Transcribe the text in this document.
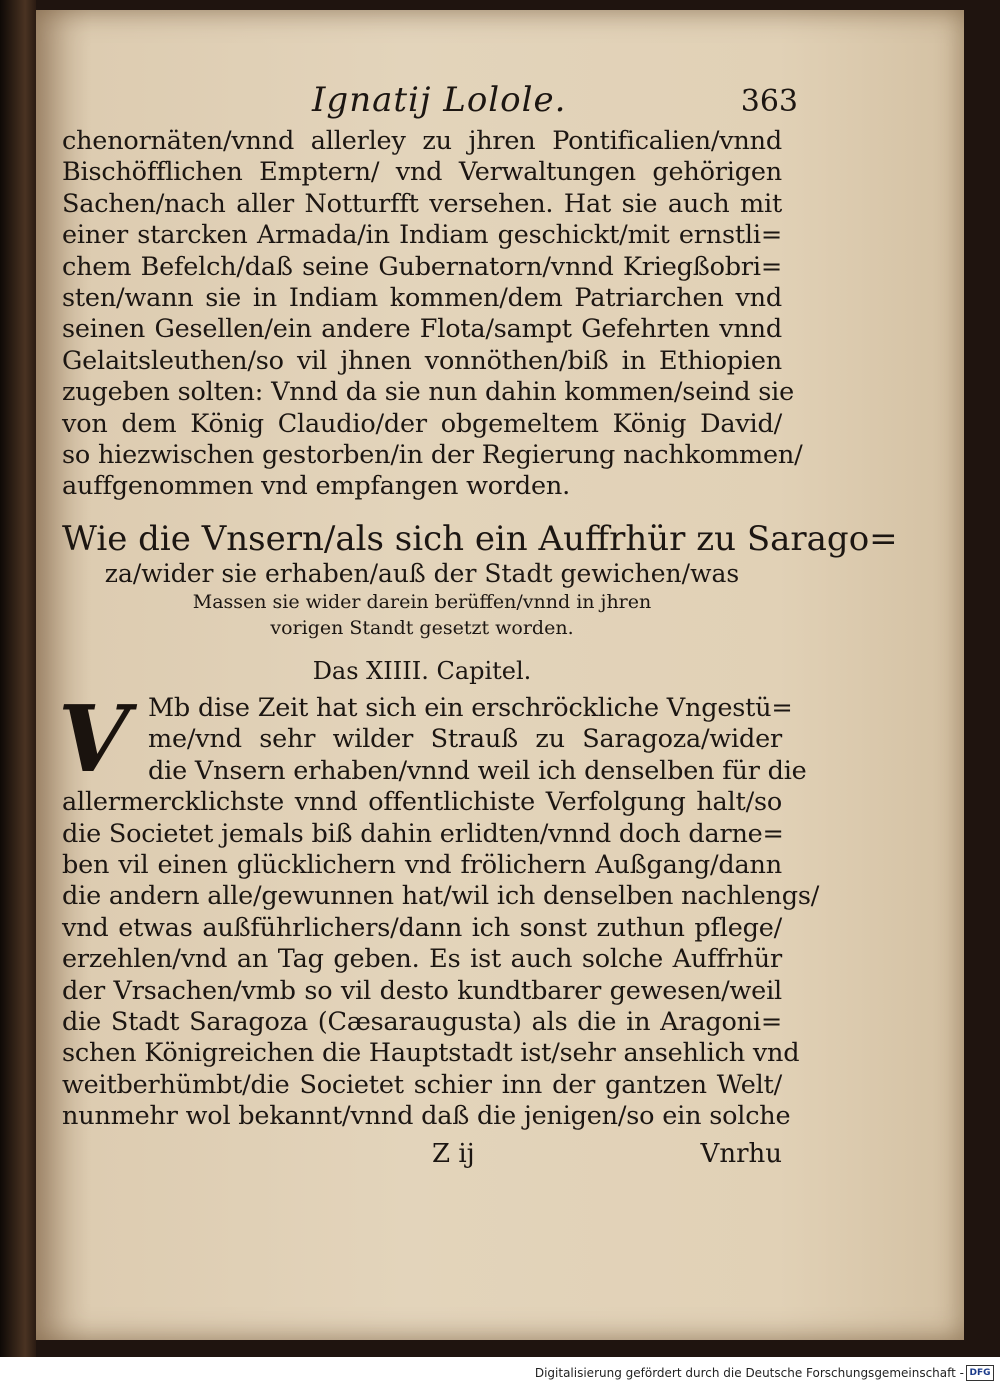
Ignatij Lolole.	363
chenornäten/vnnd allerley zu jhren Pontificalien/vnnd
Bischöfflichen Emptern/ vnd Verwaltungen gehörigen
Sachen/nach aller Notturfft versehen. Hat sie auch mit
einer starcken Armada/in Indiam geschickt/mit ernstli=
chem Befelch/daß seine Gubernatorn/vnnd Kriegßobri=
sten/wann sie in Indiam kommen/dem Patriarchen vnd
seinen Gesellen/ein andere Flota/sampt Gefehrten vnnd
Gelaitsleuthen/so vil jhnen vonnöthen/biß in Ethiopien
zugeben solten: Vnnd da sie nun dahin kommen/seind sie
von dem König Claudio/der obgemeltem König David/
so hiezwischen gestorben/in der Regierung nachkommen/
auffgenommen vnd empfangen worden.
Wie die Vnsern/als sich ein Auffrhür zu Sarago=
za/wider sie erhaben/auß der Stadt gewichen/was
Massen sie wider darein berüffen/vnnd in jhren
vorigen Standt gesetzt worden.
Das XIIII. Capitel.
V Mb dise Zeit hat sich ein erschröckliche Vngestü=
me/vnd sehr wilder Strauß zu Saragoza/wider
die Vnsern erhaben/vnnd weil ich denselben für die
allermercklichste vnnd offentlichiste Verfolgung halt/so
die Societet jemals biß dahin erlidten/vnnd doch darne=
ben vil einen glücklichern vnd frölichern Außgang/dann
die andern alle/gewunnen hat/wil ich denselben nachlengs/
vnd etwas außführlichers/dann ich sonst zuthun pflege/
erzehlen/vnd an Tag geben. Es ist auch solche Auffrhür
der Vrsachen/vmb so vil desto kundtbarer gewesen/weil
die Stadt Saragoza (Cæsaraugusta) als die in Aragoni=
schen Königreichen die Hauptstadt ist/sehr ansehlich vnd
weitberhümbt/die Societet schier inn der gantzen Welt/
nunmehr wol bekannt/vnnd daß die jenigen/so ein solche
Z ij	Vnrhu
Digitalisierung gefördert durch die Deutsche Forschungsgemeinschaft - DFG
